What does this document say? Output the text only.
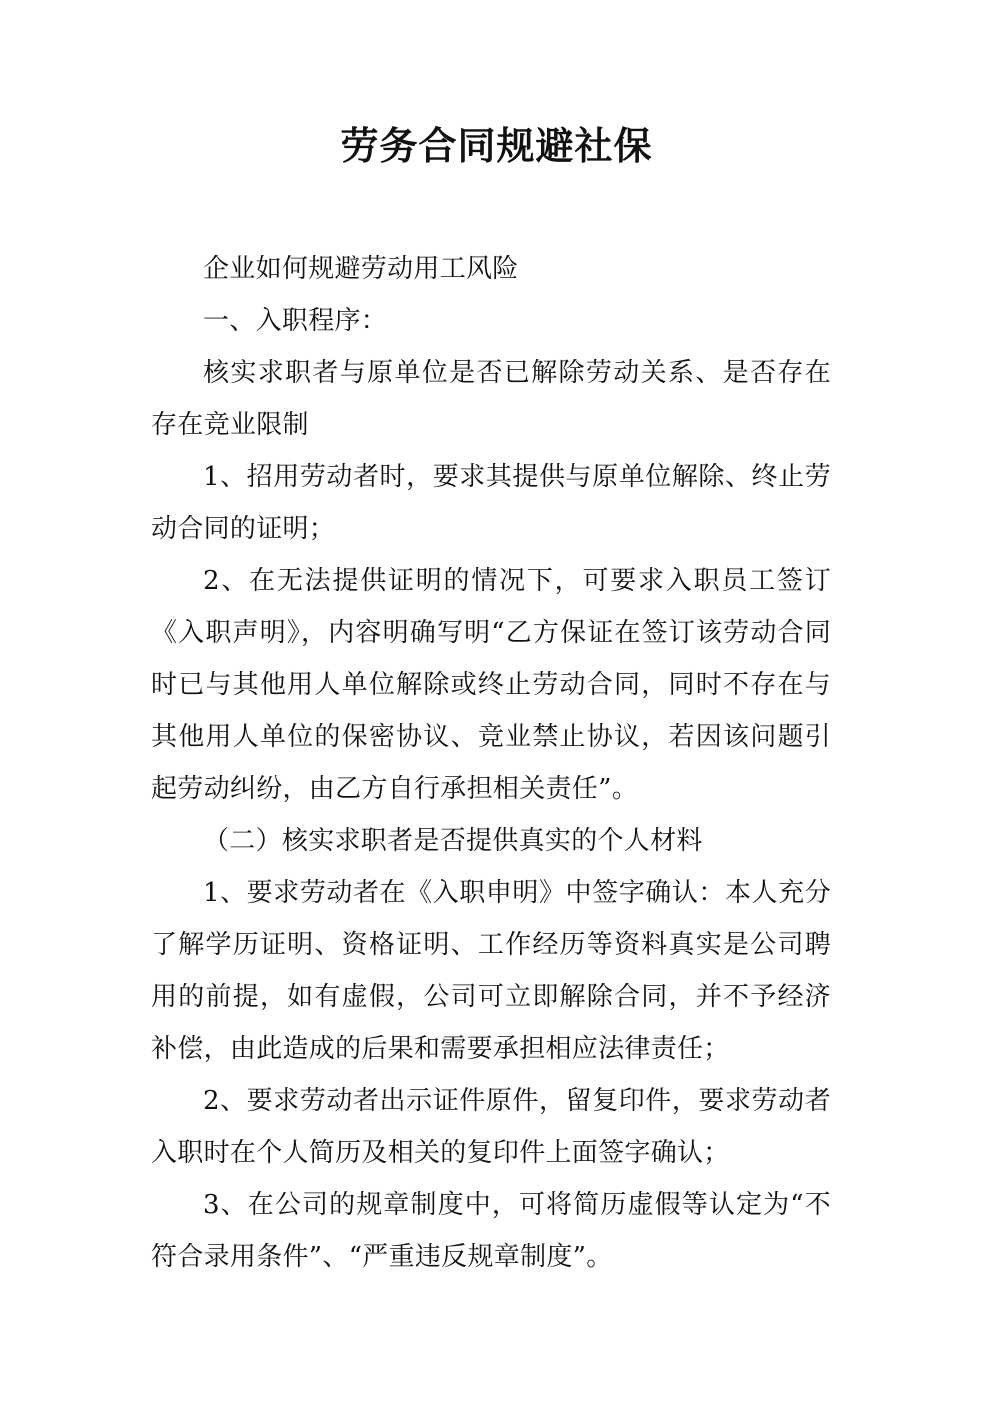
劳务合同规避社保

企业如何规避劳动用工风险

一、入职程序：

核实求职者与原单位是否已解除劳动关系、是否存在存在竞业限制

1、招用劳动者时，要求其提供与原单位解除、终止劳动合同的证明；

2、在无法提供证明的情况下，可要求入职员工签订《入职声明》，内容明确写明“乙方保证在签订该劳动合同时已与其他用人单位解除或终止劳动合同，同时不存在与其他用人单位的保密协议、竞业禁止协议，若因该问题引起劳动纠纷，由乙方自行承担相关责任”。

（二）核实求职者是否提供真实的个人材料

1、要求劳动者在《入职申明》中签字确认：本人充分了解学历证明、资格证明、工作经历等资料真实是公司聘用的前提，如有虚假，公司可立即解除合同，并不予经济补偿，由此造成的后果和需要承担相应法律责任；

2、要求劳动者出示证件原件，留复印件，要求劳动者入职时在个人简历及相关的复印件上面签字确认；

3、在公司的规章制度中，可将简历虚假等认定为“不符合录用条件”、“严重违反规章制度”。
